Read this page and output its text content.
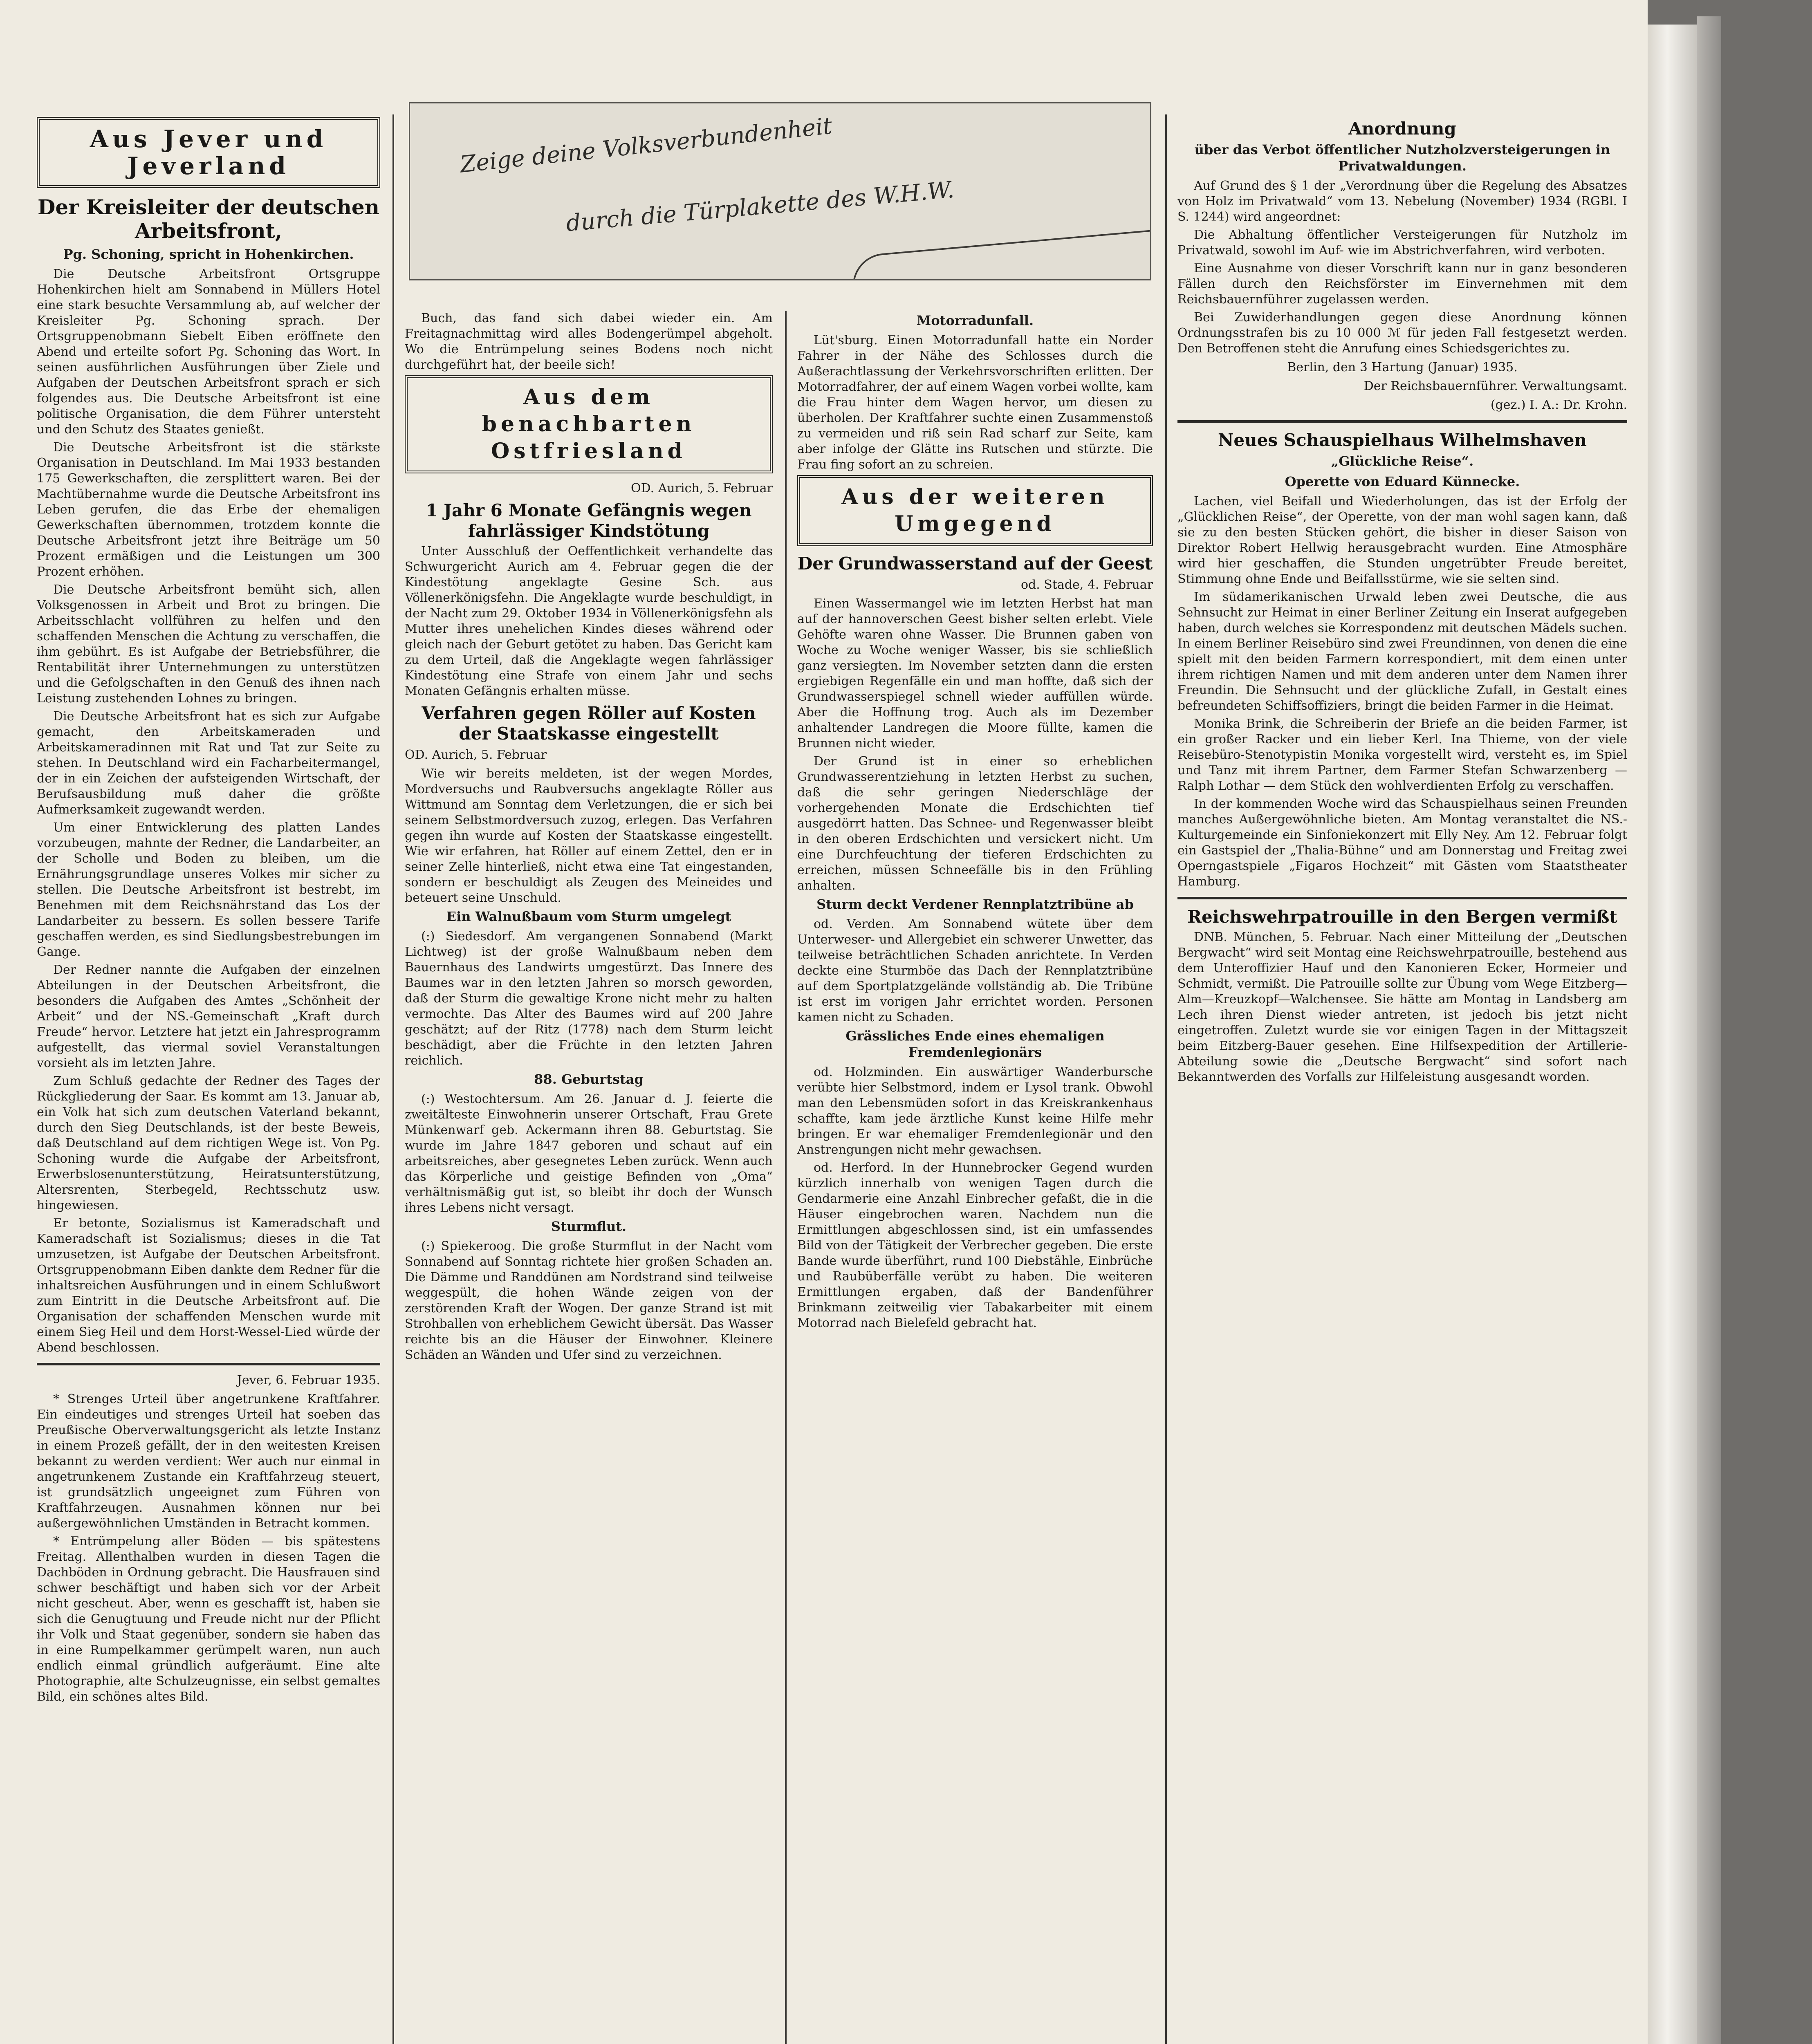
Zeige deine Volksverbundenheit
durch die Türplakette des W.H.W.
Aus Jever und Jeverland
Der Kreisleiter der deutschen Arbeitsfront,
Pg. Schoning, spricht in Hohenkirchen.

Die Deutsche Arbeitsfront Ortsgruppe Hohenkirchen hielt am Sonnabend in Müllers Hotel eine stark besuchte Versammlung ab, auf welcher der Kreisleiter Pg. Schoning sprach. Der Ortsgruppenobmann Siebelt Eiben eröffnete den Abend und erteilte sofort Pg. Schoning das Wort. In seinen ausführlichen Ausführungen über Ziele und Aufgaben der Deutschen Arbeitsfront sprach er sich folgendes aus. Die Deutsche Arbeitsfront ist eine politische Organisation, die dem Führer untersteht und den Schutz des Staates genießt.

Die Deutsche Arbeitsfront ist die stärkste Organisation in Deutschland. Im Mai 1933 bestanden 175 Gewerkschaften, die zersplittert waren. Bei der Machtübernahme wurde die Deutsche Arbeitsfront ins Leben gerufen, die das Erbe der ehemaligen Gewerkschaften übernommen, trotzdem konnte die Deutsche Arbeitsfront jetzt ihre Beiträge um 50 Prozent ermäßigen und die Leistungen um 300 Prozent erhöhen.

Die Deutsche Arbeitsfront bemüht sich, allen Volksgenossen in Arbeit und Brot zu bringen. Die Arbeitsschlacht vollführen zu helfen und den schaffenden Menschen die Achtung zu verschaffen, die ihm gebührt. Es ist Aufgabe der Betriebsführer, die Rentabilität ihrer Unternehmungen zu unterstützen und die Gefolgschaften in den Genuß des ihnen nach Leistung zustehenden Lohnes zu bringen.

Die Deutsche Arbeitsfront hat es sich zur Aufgabe gemacht, den Arbeitskameraden und Arbeitskameradinnen mit Rat und Tat zur Seite zu stehen. In Deutschland wird ein Facharbeitermangel, der in ein Zeichen der aufsteigenden Wirtschaft, der Berufsausbildung muß daher die größte Aufmerksamkeit zugewandt werden.

Um einer Entwicklerung des platten Landes vorzubeugen, mahnte der Redner, die Landarbeiter, an der Scholle und Boden zu bleiben, um die Ernährungsgrundlage unseres Volkes mir sicher zu stellen. Die Deutsche Arbeitsfront ist bestrebt, im Benehmen mit dem Reichsnährstand das Los der Landarbeiter zu bessern. Es sollen bessere Tarife geschaffen werden, es sind Siedlungsbestrebungen im Gange.

Der Redner nannte die Aufgaben der einzelnen Abteilungen in der Deutschen Arbeitsfront, die besonders die Aufgaben des Amtes „Schönheit der Arbeit“ und der NS.-Gemeinschaft „Kraft durch Freude“ hervor. Letztere hat jetzt ein Jahresprogramm aufgestellt, das viermal soviel Veranstaltungen vorsieht als im letzten Jahre.

Zum Schluß gedachte der Redner des Tages der Rückgliederung der Saar. Es kommt am 13. Januar ab, ein Volk hat sich zum deutschen Vaterland bekannt, durch den Sieg Deutschlands, ist der beste Beweis, daß Deutschland auf dem richtigen Wege ist. Von Pg. Schoning wurde die Aufgabe der Arbeitsfront, Erwerbslosenunterstützung, Heiratsunterstützung, Altersrenten, Sterbegeld, Rechtsschutz usw. hingewiesen.

Er betonte, Sozialismus ist Kameradschaft und Kameradschaft ist Sozialismus; dieses in die Tat umzusetzen, ist Aufgabe der Deutschen Arbeitsfront. Ortsgruppenobmann Eiben dankte dem Redner für die inhaltsreichen Ausführungen und in einem Schlußwort zum Eintritt in die Deutsche Arbeitsfront auf. Die Organisation der schaffenden Menschen wurde mit einem Sieg Heil und dem Horst-Wessel-Lied würde der Abend beschlossen.

Jever, 6. Februar 1935.

* Strenges Urteil über angetrunkene Kraftfahrer. Ein eindeutiges und strenges Urteil hat soeben das Preußische Oberverwaltungsgericht als letzte Instanz in einem Prozeß gefällt, der in den weitesten Kreisen bekannt zu werden verdient: Wer auch nur einmal in angetrunkenem Zustande ein Kraftfahrzeug steuert, ist grundsätzlich ungeeignet zum Führen von Kraftfahrzeugen. Ausnahmen können nur bei außergewöhnlichen Umständen in Betracht kommen.

* Entrümpelung aller Böden — bis spätestens Freitag. Allenthalben wurden in diesen Tagen die Dachböden in Ordnung gebracht. Die Hausfrauen sind schwer beschäftigt und haben sich vor der Arbeit nicht gescheut. Aber, wenn es geschafft ist, haben sie sich die Genugtuung und Freude nicht nur der Pflicht ihr Volk und Staat gegenüber, sondern sie haben das in eine Rumpelkammer gerümpelt waren, nun auch endlich einmal gründlich aufgeräumt. Eine alte Photographie, alte Schulzeugnisse, ein selbst gemaltes Bild, ein schönes altes Bild.

Buch, das fand sich dabei wieder ein. Am Freitagnachmittag wird alles Bodengerümpel abgeholt. Wo die Entrümpelung seines Bodens noch nicht durchgeführt hat, der beeile sich!

Aus dem benachbarten Ostfriesland
OD. Aurich, 5. Februar
1 Jahr 6 Monate Gefängnis wegen fahrlässiger Kindstötung

Unter Ausschluß der Oeffentlichkeit verhandelte das Schwurgericht Aurich am 4. Februar gegen die der Kindestötung angeklagte Gesine Sch. aus Völlenerkönigsfehn. Die Angeklagte wurde beschuldigt, in der Nacht zum 29. Oktober 1934 in Völlenerkönigsfehn als Mutter ihres unehelichen Kindes dieses während oder gleich nach der Geburt getötet zu haben. Das Gericht kam zu dem Urteil, daß die Angeklagte wegen fahrlässiger Kindestötung eine Strafe von einem Jahr und sechs Monaten Gefängnis erhalten müsse.

Verfahren gegen Röller auf Kosten der Staatskasse eingestellt
OD. Aurich, 5. Februar

Wie wir bereits meldeten, ist der wegen Mordes, Mordversuchs und Raubversuchs angeklagte Röller aus Wittmund am Sonntag dem Verletzungen, die er sich bei seinem Selbstmordversuch zuzog, erlegen. Das Verfahren gegen ihn wurde auf Kosten der Staatskasse eingestellt. Wie wir erfahren, hat Röller auf einem Zettel, den er in seiner Zelle hinterließ, nicht etwa eine Tat eingestanden, sondern er beschuldigt als Zeugen des Meineides und beteuert seine Unschuld.

Ein Walnußbaum vom Sturm umgelegt

(:) Siedesdorf. Am vergangenen Sonnabend (Markt Lichtweg) ist der große Walnußbaum neben dem Bauernhaus des Landwirts umgestürzt. Das Innere des Baumes war in den letzten Jahren so morsch geworden, daß der Sturm die gewaltige Krone nicht mehr zu halten vermochte. Das Alter des Baumes wird auf 200 Jahre geschätzt; auf der Ritz (1778) nach dem Sturm leicht beschädigt, aber die Früchte in den letzten Jahren reichlich.

88. Geburtstag

(:) Westochtersum. Am 26. Januar d. J. feierte die zweitälteste Einwohnerin unserer Ortschaft, Frau Grete Münkenwarf geb. Ackermann ihren 88. Geburtstag. Sie wurde im Jahre 1847 geboren und schaut auf ein arbeitsreiches, aber gesegnetes Leben zurück. Wenn auch das Körperliche und geistige Befinden von „Oma“ verhältnismäßig gut ist, so bleibt ihr doch der Wunsch ihres Lebens nicht versagt.

Sturmflut.

(:) Spiekeroog. Die große Sturmflut in der Nacht vom Sonnabend auf Sonntag richtete hier großen Schaden an. Die Dämme und Randdünen am Nordstrand sind teilweise weggespült, die hohen Wände zeigen von der zerstörenden Kraft der Wogen. Der ganze Strand ist mit Strohballen von erheblichem Gewicht übersät. Das Wasser reichte bis an die Häuser der Einwohner. Kleinere Schäden an Wänden und Ufer sind zu verzeichnen.

Motorradunfall.

Lüt'sburg. Einen Motorradunfall hatte ein Norder Fahrer in der Nähe des Schlosses durch die Außerachtlassung der Verkehrsvorschriften erlitten. Der Motorradfahrer, der auf einem Wagen vorbei wollte, kam die Frau hinter dem Wagen hervor, um diesen zu überholen. Der Kraftfahrer suchte einen Zusammenstoß zu vermeiden und riß sein Rad scharf zur Seite, kam aber infolge der Glätte ins Rutschen und stürzte. Die Frau fing sofort an zu schreien.

Aus der weiteren Umgegend
Der Grundwasserstand auf der Geest
od. Stade, 4. Februar

Einen Wassermangel wie im letzten Herbst hat man auf der hannoverschen Geest bisher selten erlebt. Viele Gehöfte waren ohne Wasser. Die Brunnen gaben von Woche zu Woche weniger Wasser, bis sie schließlich ganz versiegten. Im November setzten dann die ersten ergiebigen Regenfälle ein und man hoffte, daß sich der Grundwasserspiegel schnell wieder auffüllen würde. Aber die Hoffnung trog. Auch als im Dezember anhaltender Landregen die Moore füllte, kamen die Brunnen nicht wieder.

Der Grund ist in einer so erheblichen Grundwasserentziehung in letzten Herbst zu suchen, daß die sehr geringen Niederschläge der vorhergehenden Monate die Erdschichten tief ausgedörrt hatten. Das Schnee- und Regenwasser bleibt in den oberen Erdschichten und versickert nicht. Um eine Durchfeuchtung der tieferen Erdschichten zu erreichen, müssen Schneefälle bis in den Frühling anhalten.

Sturm deckt Verdener Rennplatztribüne ab

od. Verden. Am Sonnabend wütete über dem Unterweser- und Allergebiet ein schwerer Unwetter, das teilweise beträchtlichen Schaden anrichtete. In Verden deckte eine Sturmböe das Dach der Rennplatztribüne auf dem Sportplatzgelände vollständig ab. Die Tribüne ist erst im vorigen Jahr errichtet worden. Personen kamen nicht zu Schaden.

Grässliches Ende eines ehemaligen Fremdenlegionärs

od. Holzminden. Ein auswärtiger Wanderbursche verübte hier Selbstmord, indem er Lysol trank. Obwohl man den Lebensmüden sofort in das Kreiskrankenhaus schaffte, kam jede ärztliche Kunst keine Hilfe mehr bringen. Er war ehemaliger Fremdenlegionär und den Anstrengungen nicht mehr gewachsen.

od. Herford. In der Hunnebrocker Gegend wurden kürzlich innerhalb von wenigen Tagen durch die Gendarmerie eine Anzahl Einbrecher gefaßt, die in die Häuser eingebrochen waren. Nachdem nun die Ermittlungen abgeschlossen sind, ist ein umfassendes Bild von der Tätigkeit der Verbrecher gegeben. Die erste Bande wurde überführt, rund 100 Diebstähle, Einbrüche und Raubüberfälle verübt zu haben. Die weiteren Ermittlungen ergaben, daß der Bandenführer Brinkmann zeitweilig vier Tabakarbeiter mit einem Motorrad nach Bielefeld gebracht hat.

Anordnung
über das Verbot öffentlicher Nutzholzversteigerungen in Privatwaldungen.

Auf Grund des § 1 der „Verordnung über die Regelung des Absatzes von Holz im Privatwald“ vom 13. Nebelung (November) 1934 (RGBl. I S. 1244) wird angeordnet:

Die Abhaltung öffentlicher Versteigerungen für Nutzholz im Privatwald, sowohl im Auf- wie im Abstrichverfahren, wird verboten.

Eine Ausnahme von dieser Vorschrift kann nur in ganz besonderen Fällen durch den Reichsförster im Einvernehmen mit dem Reichsbauernführer zugelassen werden.

Bei Zuwiderhandlungen gegen diese Anordnung können Ordnungsstrafen bis zu 10 000 ℳ für jeden Fall festgesetzt werden. Den Betroffenen steht die Anrufung eines Schiedsgerichtes zu.

Berlin, den 3 Hartung (Januar) 1935.
Der Reichsbauernführer. Verwaltungsamt.
(gez.) I. A.: Dr. Krohn.
Neues Schauspielhaus Wilhelmshaven
„Glückliche Reise“.
Operette von Eduard Künnecke.

Lachen, viel Beifall und Wiederholungen, das ist der Erfolg der „Glücklichen Reise“, der Operette, von der man wohl sagen kann, daß sie zu den besten Stücken gehört, die bisher in dieser Saison von Direktor Robert Hellwig herausgebracht wurden. Eine Atmosphäre wird hier geschaffen, die Stunden ungetrübter Freude bereitet, Stimmung ohne Ende und Beifallsstürme, wie sie selten sind.

Im südamerikanischen Urwald leben zwei Deutsche, die aus Sehnsucht zur Heimat in einer Berliner Zeitung ein Inserat aufgegeben haben, durch welches sie Korrespondenz mit deutschen Mädels suchen. In einem Berliner Reisebüro sind zwei Freundinnen, von denen die eine spielt mit den beiden Farmern korrespondiert, mit dem einen unter ihrem richtigen Namen und mit dem anderen unter dem Namen ihrer Freundin. Die Sehnsucht und der glückliche Zufall, in Gestalt eines befreundeten Schiffsoffiziers, bringt die beiden Farmer in die Heimat.

Monika Brink, die Schreiberin der Briefe an die beiden Farmer, ist ein großer Racker und ein lieber Kerl. Ina Thieme, von der viele Reisebüro-Stenotypistin Monika vorgestellt wird, versteht es, im Spiel und Tanz mit ihrem Partner, dem Farmer Stefan Schwarzenberg — Ralph Lothar — dem Stück den wohlverdienten Erfolg zu verschaffen.

In der kommenden Woche wird das Schauspielhaus seinen Freunden manches Außergewöhnliche bieten. Am Montag veranstaltet die NS.-Kulturgemeinde ein Sinfoniekonzert mit Elly Ney. Am 12. Februar folgt ein Gastspiel der „Thalia-Bühne“ und am Donnerstag und Freitag zwei Operngastspiele „Figaros Hochzeit“ mit Gästen vom Staatstheater Hamburg.

Reichswehrpatrouille in den Bergen vermißt

DNB. München, 5. Februar. Nach einer Mitteilung der „Deutschen Bergwacht“ wird seit Montag eine Reichswehrpatrouille, bestehend aus dem Unteroffizier Hauf und den Kanonieren Ecker, Hormeier und Schmidt, vermißt. Die Patrouille sollte zur Übung vom Wege Eitzberg—Alm—Kreuzkopf—Walchensee. Sie hätte am Montag in Landsberg am Lech ihren Dienst wieder antreten, ist jedoch bis jetzt nicht eingetroffen. Zuletzt wurde sie vor einigen Tagen in der Mittagszeit beim Eitzberg-Bauer gesehen. Eine Hilfsexpedition der Artillerie-Abteilung sowie die „Deutsche Bergwacht“ sind sofort nach Bekanntwerden des Vorfalls zur Hilfeleistung ausgesandt worden.
